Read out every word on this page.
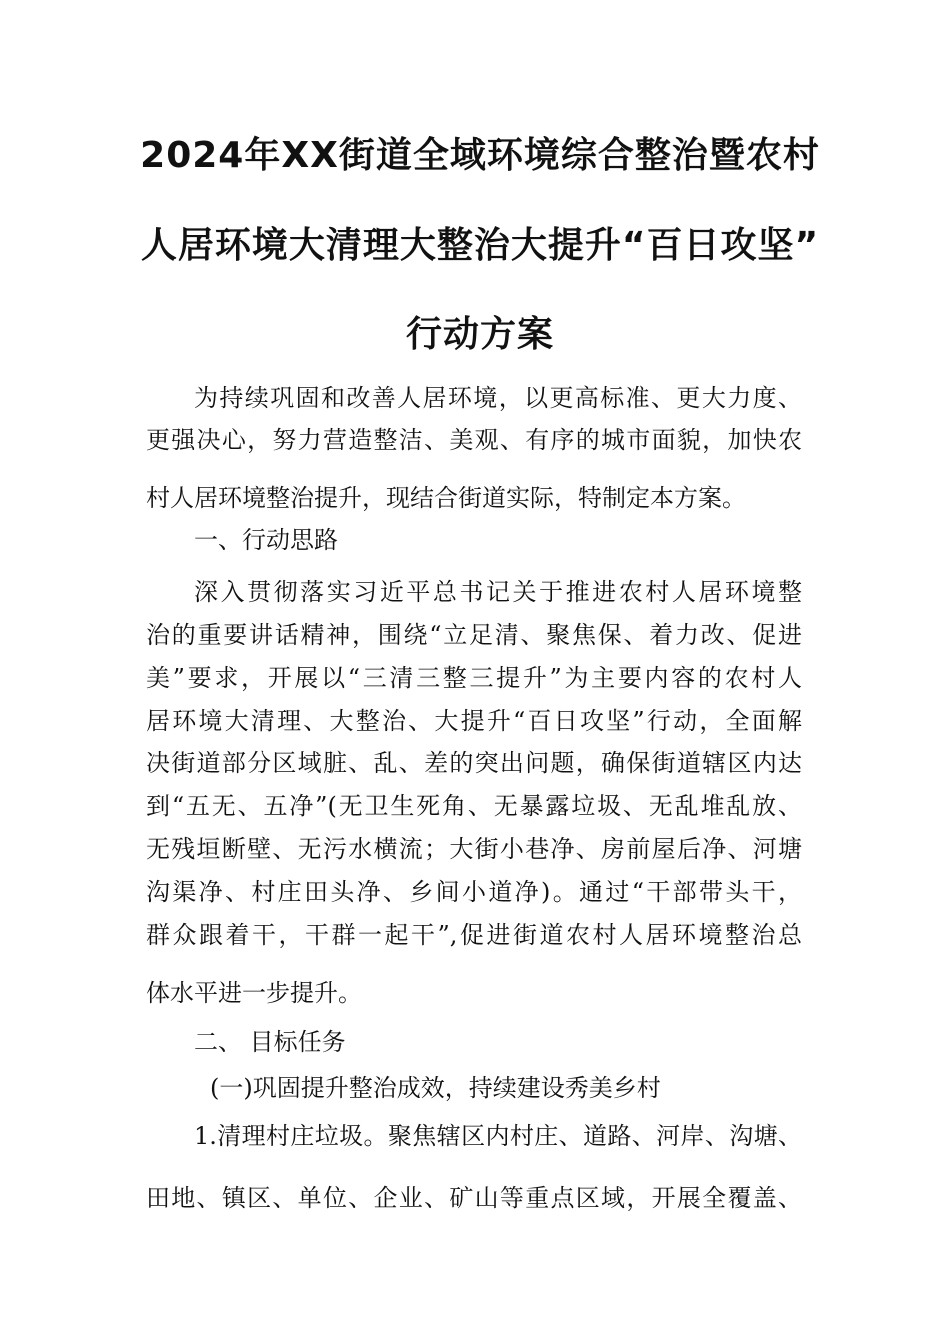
2024年XX街道全域环境综合整治暨农村
人居环境大清理大整治大提升“百日攻坚”
行动方案
为持续巩固和改善人居环境，以更高标准、更大力度、
更强决心，努力营造整洁、美观、有序的城市面貌，加快农
村人居环境整治提升，现结合街道实际，特制定本方案。
一、行动思路
深入贯彻落实习近平总书记关于推进农村人居环境整
治的重要讲话精神，围绕“立足清、聚焦保、着力改、促进
美”要求，开展以“三清三整三提升”为主要内容的农村人
居环境大清理、大整治、大提升“百日攻坚”行动，全面解
决街道部分区域脏、乱、差的突出问题，确保街道辖区内达
到“五无、五净”(无卫生死角、无暴露垃圾、无乱堆乱放、
无残垣断壁、无污水横流；大街小巷净、房前屋后净、河塘
沟渠净、村庄田头净、乡间小道净)。通过“干部带头干，
群众跟着干，干群一起干”,促进街道农村人居环境整治总
体水平进一步提升。
二、 目标任务
(一)巩固提升整治成效，持续建设秀美乡村
1.清理村庄垃圾。聚焦辖区内村庄、道路、河岸、沟塘、
田地、镇区、单位、企业、矿山等重点区域，开展全覆盖、
